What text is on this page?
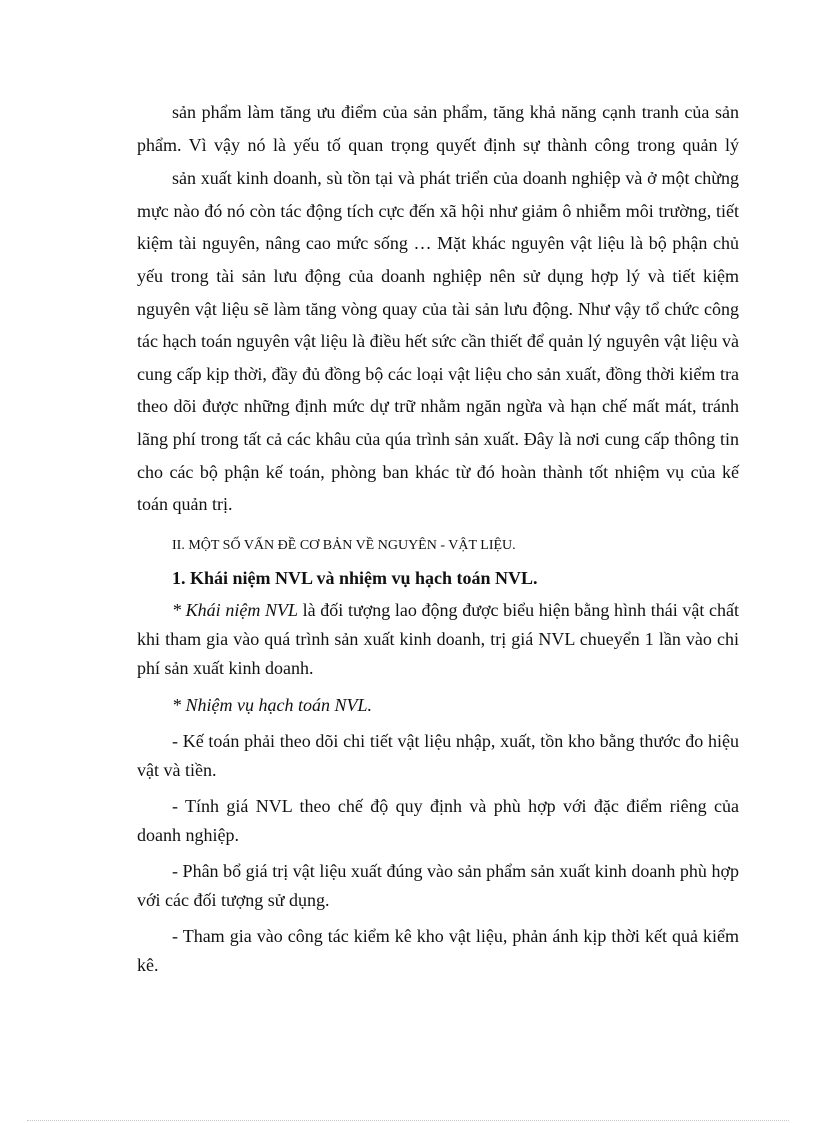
sản phẩm làm tăng ưu điểm của sản phẩm, tăng khả năng cạnh tranh của sản phẩm. Vì vậy nó là yếu tố quan trọng quyết định sự thành công trong quản lý

sản xuất kinh doanh, sù tồn tại và phát triển của doanh nghiệp và ở một chừng mực nào đó nó còn tác động tích cực đến xã hội như giảm ô nhiễm môi trường, tiết kiệm tài nguyên, nâng cao mức sống … Mặt khác nguyên vật liệu là bộ phận chủ yếu trong tài sản lưu động của doanh nghiệp nên sử dụng hợp lý và tiết kiệm nguyên vật liệu sẽ làm tăng vòng quay của tài sản lưu động. Như vậy tổ chức công tác hạch toán nguyên vật liệu là điều hết sức cần thiết để quản lý nguyên vật liệu và cung cấp kịp thời, đầy đủ đồng bộ các loại vật liệu cho sản xuất, đồng thời kiểm tra theo dõi được những định mức dự trữ nhằm ngăn ngừa và hạn chế mất mát, tránh lãng phí trong tất cả các khâu của qúa trình sản xuất. Đây là nơi cung cấp thông tin cho các bộ phận kế toán, phòng ban khác từ đó hoàn thành tốt nhiệm vụ của kế toán quản trị.

II. MỘT SỐ VẤN ĐỀ CƠ BẢN VỀ NGUYÊN - VẬT LIỆU.

1. Khái niệm NVL và nhiệm vụ hạch toán NVL.

* Khái niệm NVL là đối tượng lao động được biểu hiện bằng hình thái vật chất khi tham gia vào quá trình sản xuất kinh doanh, trị giá NVL chueyển 1 lần vào chi phí sản xuất kinh doanh.

* Nhiệm vụ hạch toán NVL.

- Kế toán phải theo dõi chi tiết vật liệu nhập, xuất, tồn kho bằng thước đo hiệu vật và tiền.

- Tính giá NVL theo chế độ quy định và phù hợp với đặc điểm riêng của doanh nghiệp.

- Phân bổ giá trị vật liệu xuất đúng vào sản phẩm sản xuất kinh doanh phù hợp với các đối tượng sử dụng.

- Tham gia vào công tác kiểm kê kho vật liệu, phản ánh kịp thời kết quả kiểm kê.
